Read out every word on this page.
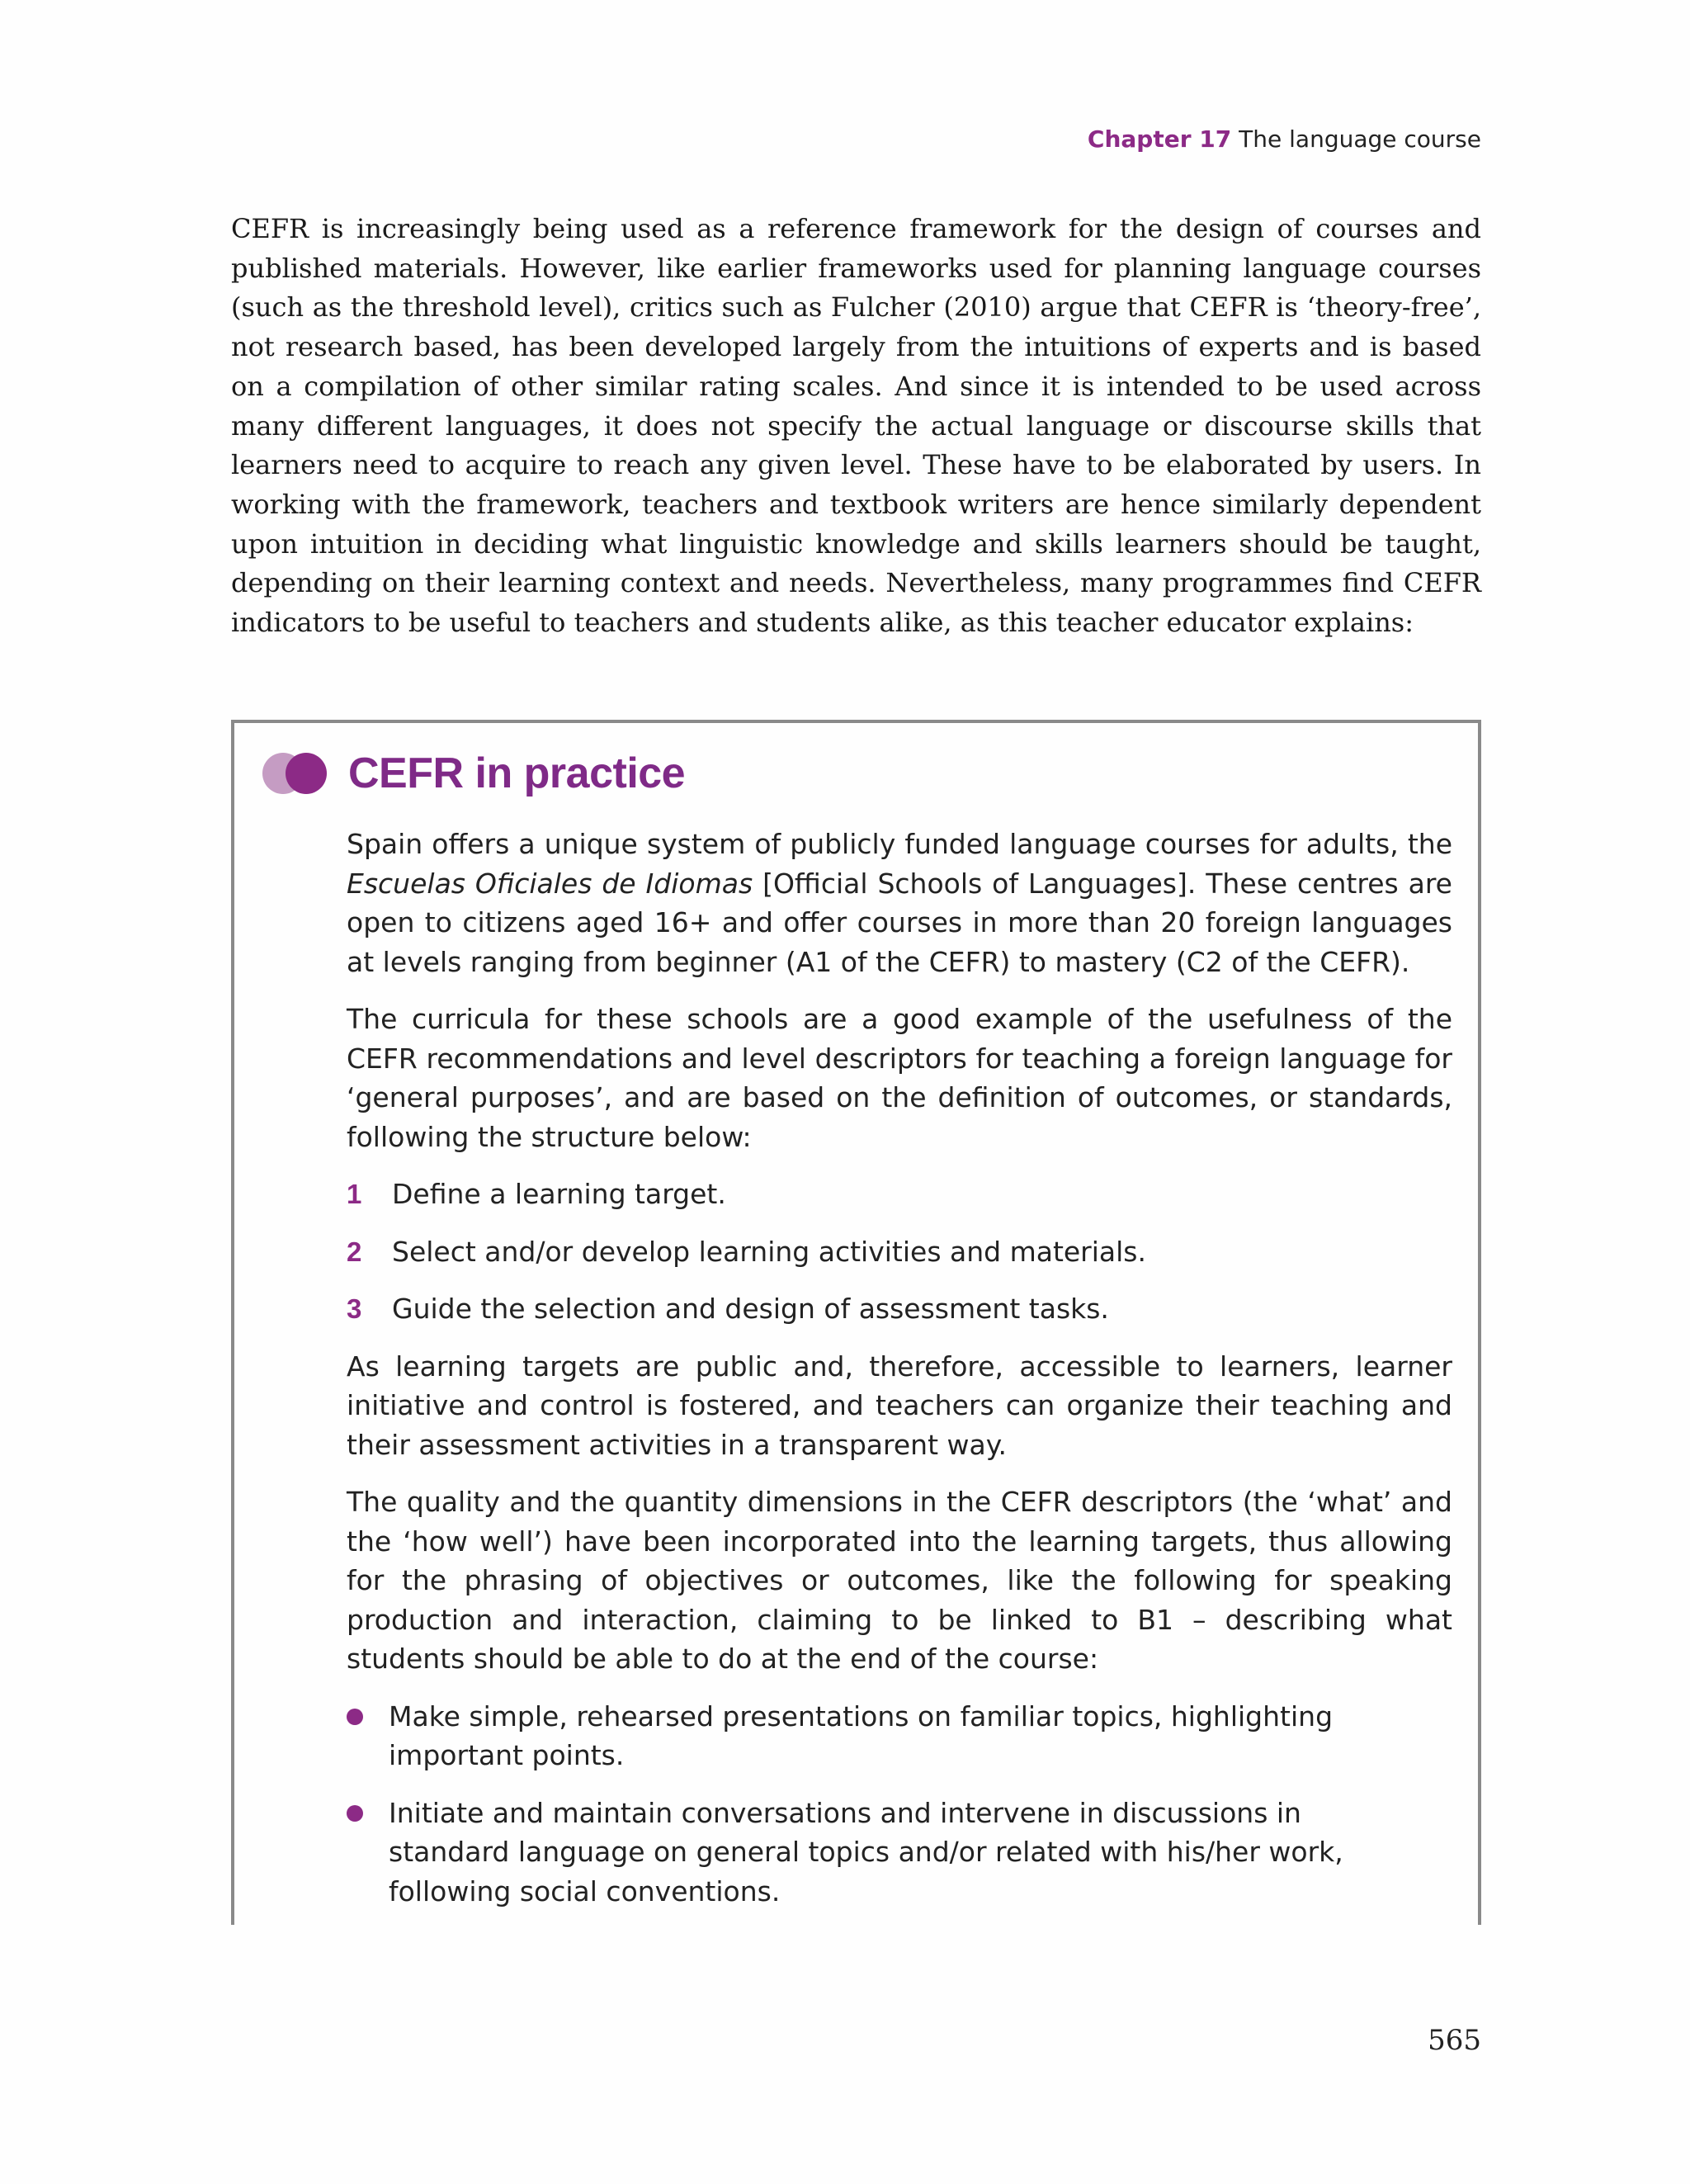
Chapter 17 The language course

CEFR is increasingly being used as a reference framework for the design of courses and published materials. However, like earlier frameworks used for planning language courses (such as the threshold level), critics such as Fulcher (2010) argue that CEFR is ‘theory-free’, not research based, has been developed largely from the intuitions of experts and is based on a compilation of other similar rating scales. And since it is intended to be used across many different languages, it does not specify the actual language or discourse skills that learners need to acquire to reach any given level. These have to be elaborated by users. In working with the framework, teachers and textbook writers are hence similarly dependent upon intuition in deciding what linguistic knowledge and skills learners should be taught, depending on their learning context and needs. Nevertheless, many programmes find CEFR indicators to be useful to teachers and students alike, as this teacher educator explains:

CEFR in practice

Spain offers a unique system of publicly funded language courses for adults, the Escuelas Oficiales de Idiomas [Official Schools of Languages]. These centres are open to citizens aged 16+ and offer courses in more than 20 foreign languages at levels ranging from beginner (A1 of the CEFR) to mastery (C2 of the CEFR).

The curricula for these schools are a good example of the usefulness of the CEFR recommendations and level descriptors for teaching a foreign language for ‘general purposes’, and are based on the definition of outcomes, or standards, following the structure below:

1	Define a learning target.
2	Select and/or develop learning activities and materials.
3	Guide the selection and design of assessment tasks.

As learning targets are public and, therefore, accessible to learners, learner initiative and control is fostered, and teachers can organize their teaching and their assessment activities in a transparent way.

The quality and the quantity dimensions in the CEFR descriptors (the ‘what’ and the ‘how well’) have been incorporated into the learning targets, thus allowing for the phrasing of objectives or outcomes, like the following for speaking production and interaction, claiming to be linked to B1 – describing what students should be able to do at the end of the course:

Make simple, rehearsed presentations on familiar topics, highlighting important points.
Initiate and maintain conversations and intervene in discussions in standard language on general topics and/or related with his/her work, following social conventions.
565
